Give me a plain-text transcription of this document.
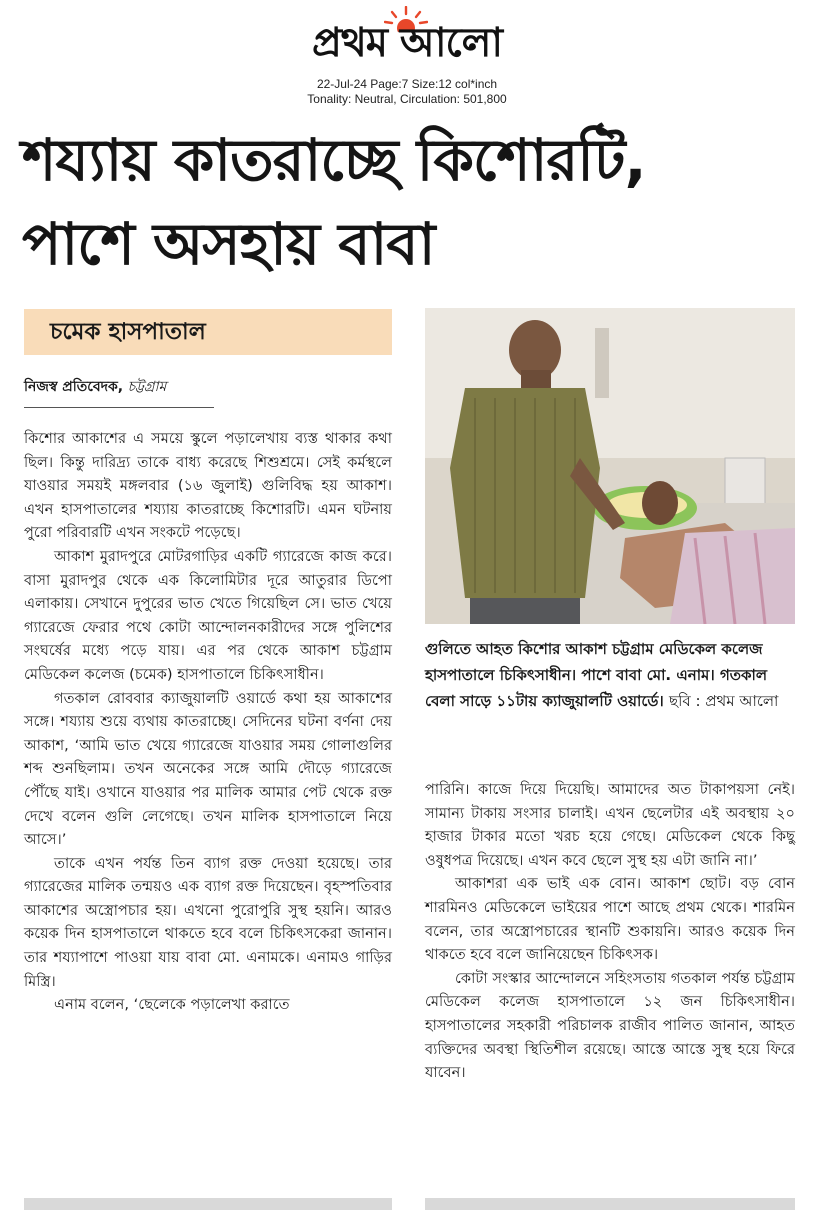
প্রথম আলো
22-Jul-24 Page:7 Size:12 col*inch
Tonality: Neutral, Circulation: 501,800
শয্যায় কাতরাচ্ছে কিশোরটি,
পাশে অসহায় বাবা
চমেক হাসপাতাল
নিজস্ব প্রতিবেদক, চট্টগ্রাম

কিশোর আকাশের এ সময়ে স্কুলে পড়ালেখায় ব্যস্ত থাকার কথা ছিল। কিন্তু দারিদ্র্য তাকে বাধ্য করেছে শিশুশ্রমে। সেই কর্মস্থলে যাওয়ার সময়ই মঙ্গলবার (১৬ জুলাই) গুলিবিদ্ধ হয় আকাশ। এখন হাসপাতালের শয্যায় কাতরাচ্ছে কিশোরটি। এমন ঘটনায় পুরো পরিবারটি এখন সংকটে পড়েছে।

আকাশ মুরাদপুরে মোটরগাড়ির একটি গ্যারেজে কাজ করে। বাসা মুরাদপুর থেকে এক কিলোমিটার দূরে আতুরার ডিপো এলাকায়। সেখানে দুপুরের ভাত খেতে গিয়েছিল সে। ভাত খেয়ে গ্যারেজে ফেরার পথে কোটা আন্দোলনকারীদের সঙ্গে পুলিশের সংঘর্ষের মধ্যে পড়ে যায়। এর পর থেকে আকাশ চট্টগ্রাম মেডিকেল কলেজ (চমেক) হাসপাতালে চিকিৎসাধীন।

গতকাল রোববার ক্যাজুয়ালটি ওয়ার্ডে কথা হয় আকাশের সঙ্গে। শয্যায় শুয়ে ব্যথায় কাতরাচ্ছে। সেদিনের ঘটনা বর্ণনা দেয় আকাশ, ‘আমি ভাত খেয়ে গ্যারেজে যাওয়ার সময় গোলাগুলির শব্দ শুনছিলাম। তখন অনেকের সঙ্গে আমি দৌড়ে গ্যারেজে পৌঁছে যাই। ওখানে যাওয়ার পর মালিক আমার পেট থেকে রক্ত দেখে বলেন গুলি লেগেছে। তখন মালিক হাসপাতালে নিয়ে আসে।’

তাকে এখন পর্যন্ত তিন ব্যাগ রক্ত দেওয়া হয়েছে। তার গ্যারেজের মালিক তন্ময়ও এক ব্যাগ রক্ত দিয়েছেন। বৃহস্পতিবার আকাশের অস্ত্রোপচার হয়। এখনো পুরোপুরি সুস্থ হয়নি। আরও কয়েক দিন হাসপাতালে থাকতে হবে বলে চিকিৎসকেরা জানান। তার শয্যাপাশে পাওয়া যায় বাবা মো. এনামকে। এনামও গাড়ির মিস্ত্রি।

এনাম বলেন, ‘ছেলেকে পড়ালেখা করাতে

গুলিতে আহত কিশোর আকাশ চট্টগ্রাম মেডিকেল কলেজ হাসপাতালে চিকিৎসাধীন। পাশে বাবা মো. এনাম। গতকাল বেলা সাড়ে ১১টায় ক্যাজুয়ালটি ওয়ার্ডে। ছবি : প্রথম আলো

পারিনি। কাজে দিয়ে দিয়েছি। আমাদের অত টাকাপয়সা নেই। সামান্য টাকায় সংসার চালাই। এখন ছেলেটার এই অবস্থায় ২০ হাজার টাকার মতো খরচ হয়ে গেছে। মেডিকেল থেকে কিছু ওষুধপত্র দিয়েছে। এখন কবে ছেলে সুস্থ হয় এটা জানি না।’

আকাশরা এক ভাই এক বোন। আকাশ ছোট। বড় বোন শারমিনও মেডিকেলে ভাইয়ের পাশে আছে প্রথম থেকে। শারমিন বলেন, তার অস্ত্রোপচারের স্থানটি শুকায়নি। আরও কয়েক দিন থাকতে হবে বলে জানিয়েছেন চিকিৎসক।

কোটা সংস্কার আন্দোলনে সহিংসতায় গতকাল পর্যন্ত চট্টগ্রাম মেডিকেল কলেজ হাসপাতালে ১২ জন চিকিৎসাধীন। হাসপাতালের সহকারী পরিচালক রাজীব পালিত জানান, আহত ব্যক্তিদের অবস্থা স্থিতিশীল রয়েছে। আস্তে আস্তে সুস্থ হয়ে ফিরে যাবেন।
